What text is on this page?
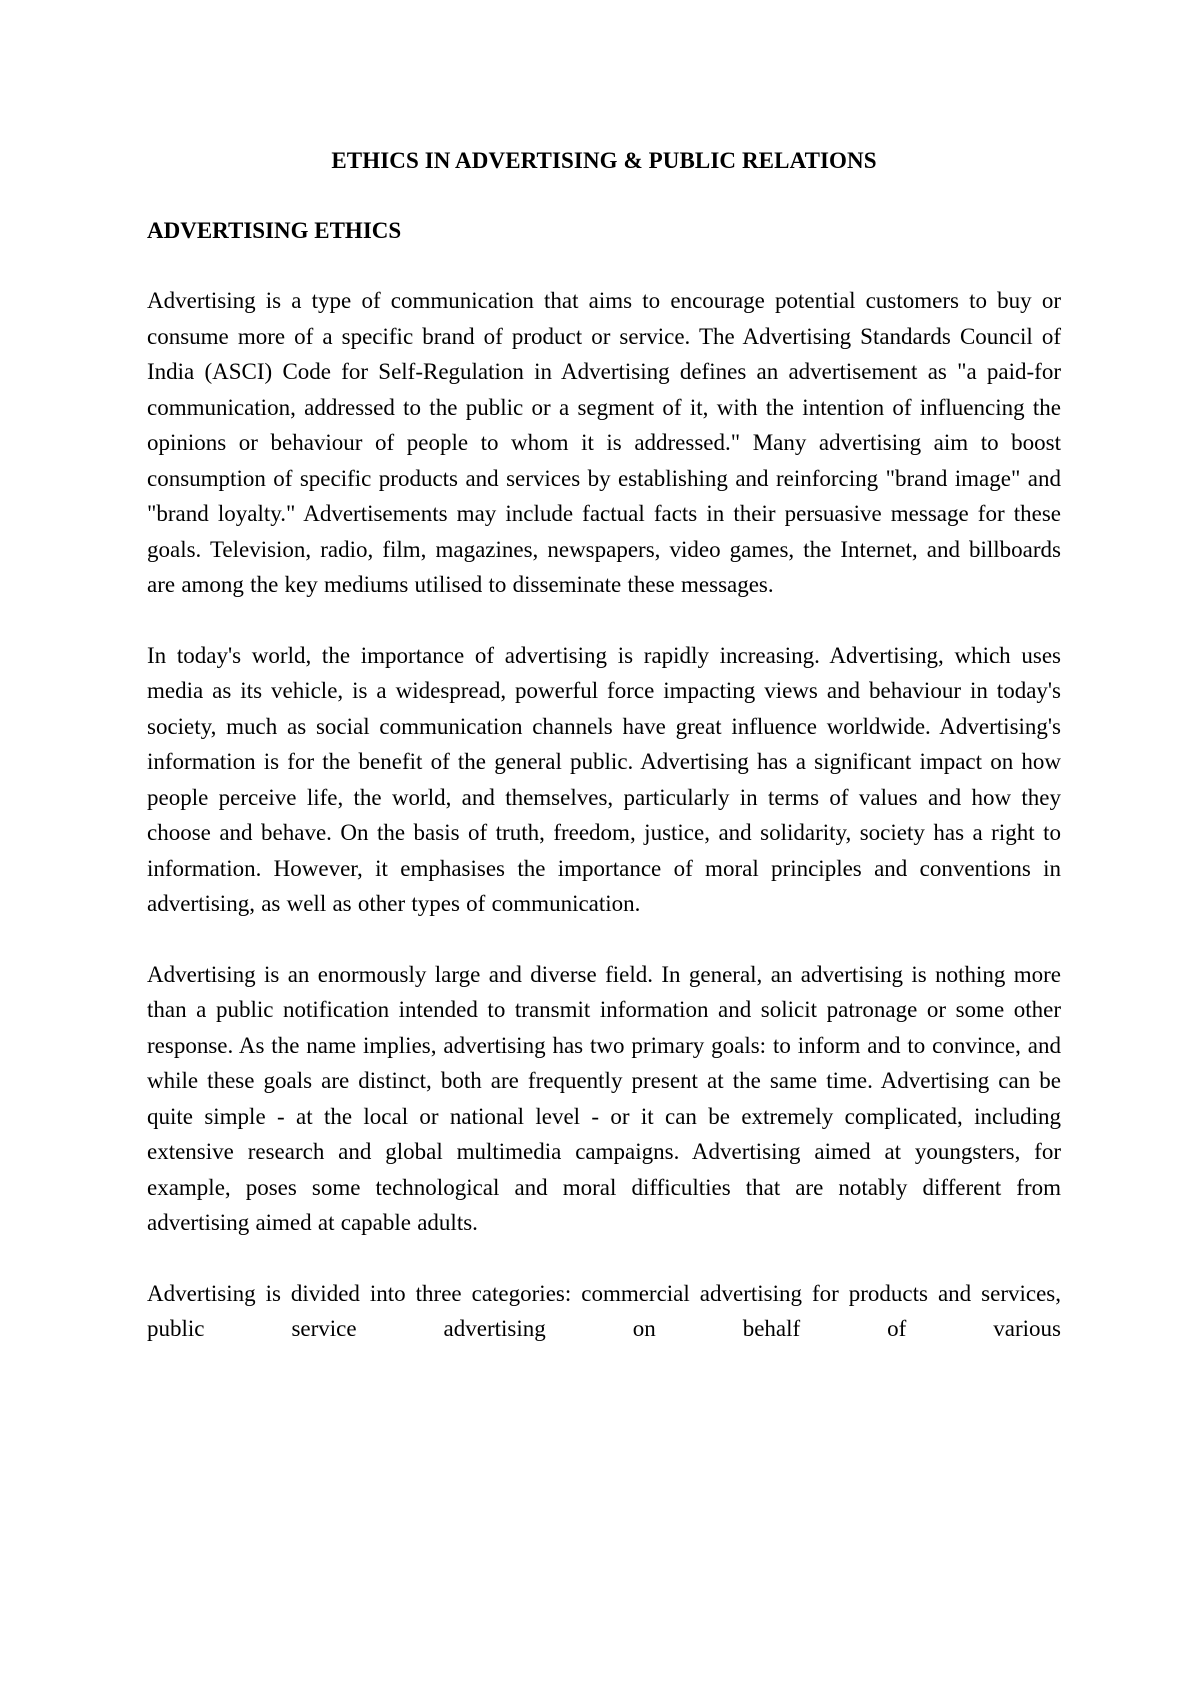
ETHICS IN ADVERTISING & PUBLIC RELATIONS
ADVERTISING ETHICS

Advertising is a type of communication that aims to encourage potential customers to buy or consume more of a specific brand of product or service. The Advertising Standards Council of India (ASCI) Code for Self-Regulation in Advertising defines an advertisement as "a paid-for communication, addressed to the public or a segment of it, with the intention of influencing the opinions or behaviour of people to whom it is addressed." Many advertising aim to boost consumption of specific products and services by establishing and reinforcing "brand image" and "brand loyalty." Advertisements may include factual facts in their persuasive message for these goals. Television, radio, film, magazines, newspapers, video games, the Internet, and billboards are among the key mediums utilised to disseminate these messages.

In today's world, the importance of advertising is rapidly increasing. Advertising, which uses media as its vehicle, is a widespread, powerful force impacting views and behaviour in today's society, much as social communication channels have great influence worldwide. Advertising's information is for the benefit of the general public. Advertising has a significant impact on how people perceive life, the world, and themselves, particularly in terms of values and how they choose and behave. On the basis of truth, freedom, justice, and solidarity, society has a right to information. However, it emphasises the importance of moral principles and conventions in advertising, as well as other types of communication.

Advertising is an enormously large and diverse field. In general, an advertising is nothing more than a public notification intended to transmit information and solicit patronage or some other response. As the name implies, advertising has two primary goals: to inform and to convince, and while these goals are distinct, both are frequently present at the same time. Advertising can be quite simple - at the local or national level - or it can be extremely complicated, including extensive research and global multimedia campaigns. Advertising aimed at youngsters, for example, poses some technological and moral difficulties that are notably different from advertising aimed at capable adults.

Advertising is divided into three categories: commercial advertising for products and services, public service advertising on behalf of various
